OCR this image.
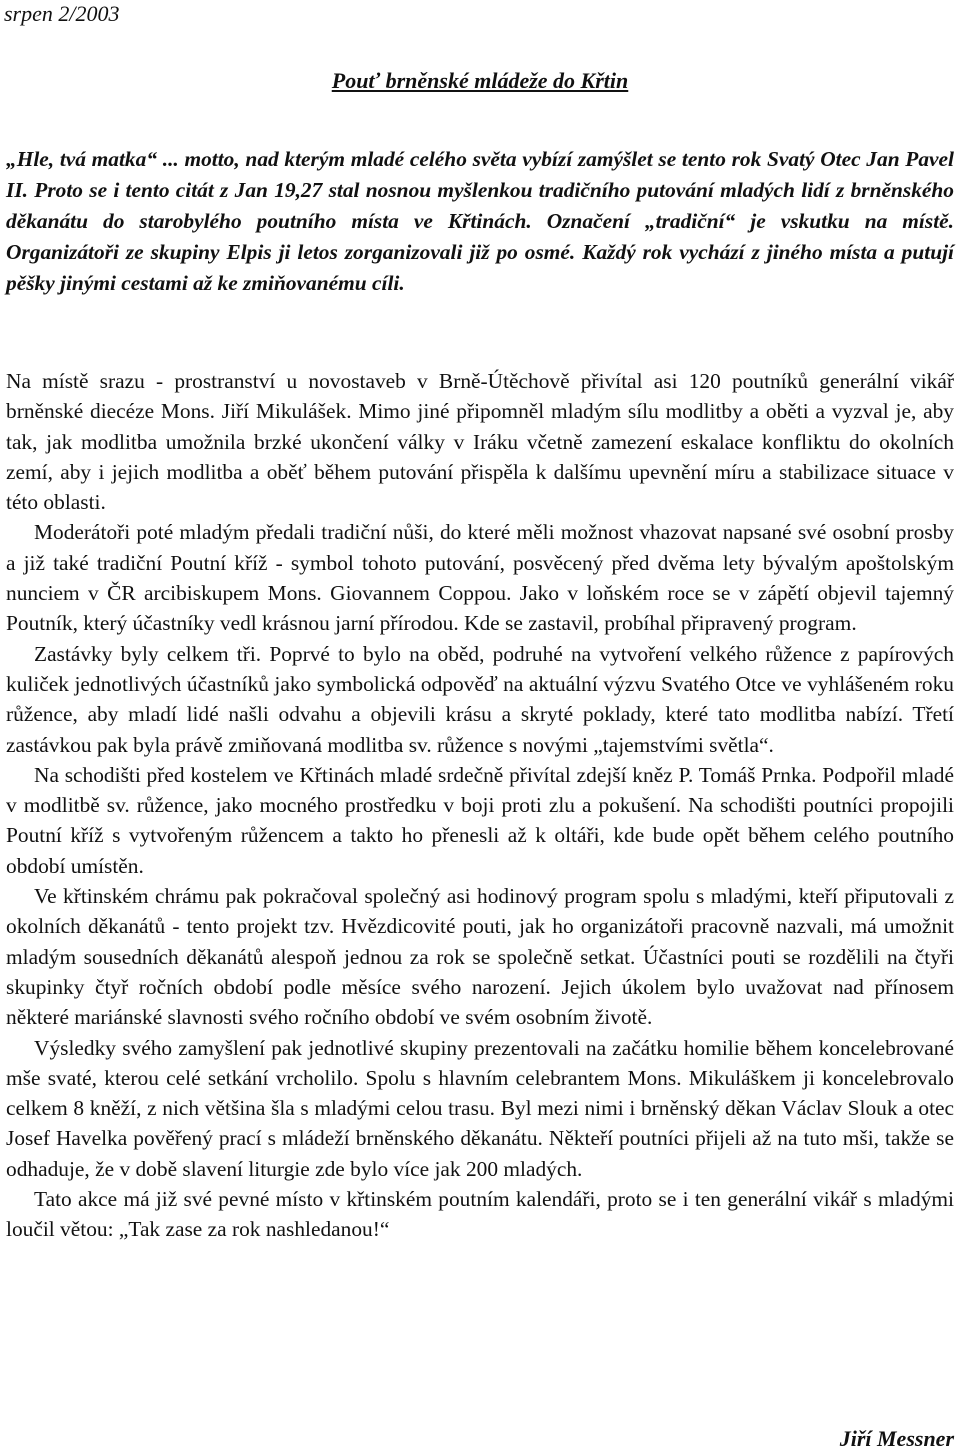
srpen 2/2003
Pouť brněnské mládeže do Křtin
„Hle, tvá matka“ ... motto, nad kterým mladé celého světa vybízí zamýšlet se tento rok Svatý Otec Jan Pavel II. Proto se i tento citát z Jan 19,27 stal nosnou myšlenkou tradičního putování mladých lidí z brněnského děkanátu do starobylého poutního místa ve Křtinách. Označení „tradiční“ je vskutku na místě. Organizátoři ze skupiny Elpis ji letos zorganizovali již po osmé. Každý rok vychází z jiného místa a putují pěšky jinými cestami až ke zmiňovanému cíli.

Na místě srazu - prostranství u novostaveb v Brně-Útěchově přivítal asi 120 poutníků generální vikář brněnské diecéze Mons. Jiří Mikulášek. Mimo jiné připomněl mladým sílu modlitby a oběti a vyzval je, aby tak, jak modlitba umožnila brzké ukončení války v Iráku včetně zamezení eskalace konfliktu do okolních zemí, aby i jejich modlitba a oběť během putování přispěla k dalšímu upevnění míru a stabilizace situace v této oblasti.

Moderátoři poté mladým předali tradiční nůši, do které měli možnost vhazovat napsané své osobní prosby a již také tradiční Poutní kříž - symbol tohoto putování, posvěcený před dvěma lety bývalým apoštolským nunciem v ČR arcibiskupem Mons. Giovannem Coppou. Jako v loňském roce se v zápětí objevil tajemný Poutník, který účastníky vedl krásnou jarní přírodou. Kde se zastavil, probíhal připravený program.

Zastávky byly celkem tři. Poprvé to bylo na oběd, podruhé na vytvoření velkého růžence z papírových kuliček jednotlivých účastníků jako symbolická odpověď na aktuální výzvu Svatého Otce ve vyhlášeném roku růžence, aby mladí lidé našli odvahu a objevili krásu a skryté poklady, které tato modlitba nabízí. Třetí zastávkou pak byla právě zmiňovaná modlitba sv. růžence s novými „tajemstvími světla“.

Na schodišti před kostelem ve Křtinách mladé srdečně přivítal zdejší kněz P. Tomáš Prnka. Podpořil mladé v modlitbě sv. růžence, jako mocného prostředku v boji proti zlu a pokušení. Na schodišti poutníci propojili Poutní kříž s vytvořeným růžencem a takto ho přenesli až k oltáři, kde bude opět během celého poutního období umístěn.

Ve křtinském chrámu pak pokračoval společný asi hodinový program spolu s mladými, kteří připutovali z okolních děkanátů - tento projekt tzv. Hvězdicovité pouti, jak ho organizátoři pracovně nazvali, má umožnit mladým sousedních děkanátů alespoň jednou za rok se společně setkat. Účastníci pouti se rozdělili na čtyři skupinky čtyř ročních období podle měsíce svého narození. Jejich úkolem bylo uvažovat nad přínosem některé mariánské slavnosti svého ročního období ve svém osobním životě.

Výsledky svého zamyšlení pak jednotlivé skupiny prezentovali na začátku homilie během koncelebrované mše svaté, kterou celé setkání vrcholilo. Spolu s hlavním celebrantem Mons. Mikuláškem ji koncelebrovalo celkem 8 kněží, z nich většina šla s mladými celou trasu. Byl mezi nimi i brněnský děkan Václav Slouk a otec Josef Havelka pověřený prací s mládeží brněnského děkanátu. Někteří poutníci přijeli až na tuto mši, takže se odhaduje, že v době slavení liturgie zde bylo více jak 200 mladých.

Tato akce má již své pevné místo v křtinském poutním kalendáři, proto se i ten generální vikář s mladými loučil větou: „Tak zase za rok nashledanou!“

Jiří Messner
